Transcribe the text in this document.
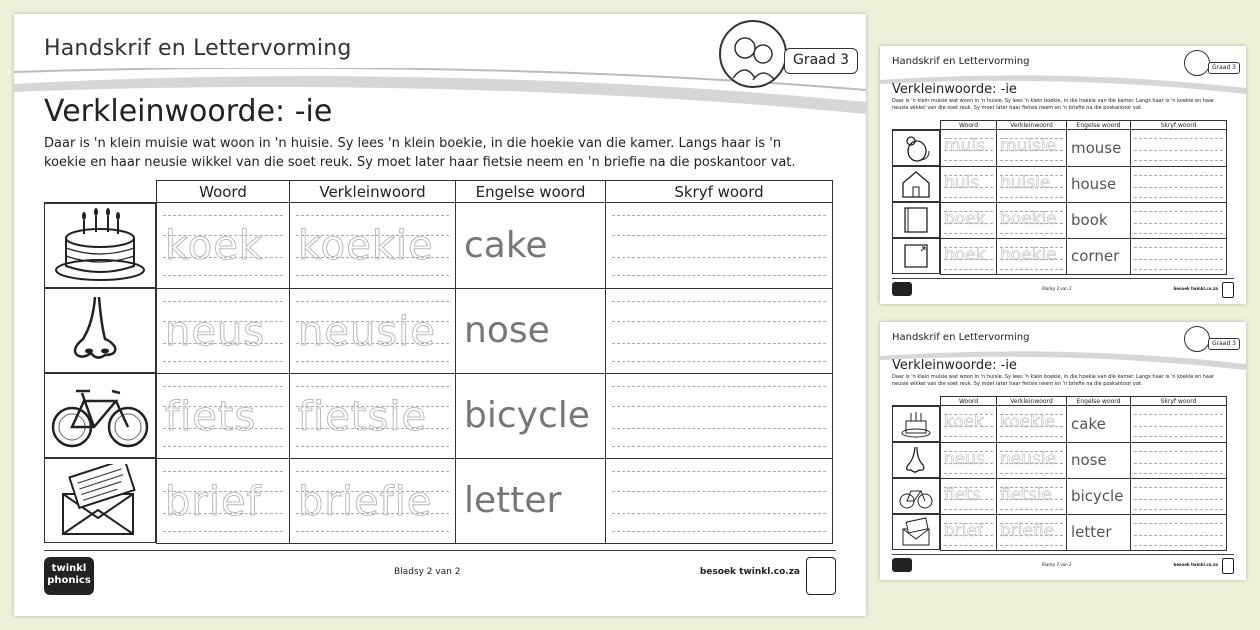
Handskrif en Lettervorming	Graad 3
Verkleinwoorde: -ie
Daar is 'n klein muisie wat woon in 'n huisie. Sy lees 'n klein boekie, in die hoekie van die kamer. Langs haar is 'n koekie en haar neusie wikkel van die soet reuk. Sy moet later haar fietsie neem en 'n briefie na die poskantoor vat.
	Woord	Verkleinwoord	Engelse woord	Skryf woord

koek	koekie	cake	

neus	neusie	nose	

fiets	fietsie	bicycle	

brief	briefie	letter	
twinkl phonics
Bladsy 2 van 2	besoek twinkl.co.za
Handskrif en Lettervorming
Graad 3
Verkleinwoorde: -ie
Daar is 'n klein muisie wat woon in 'n huisie. Sy lees 'n klein boekie, in die hoekie van die kamer. Langs haar is 'n koekie en haar neusie wikkel van die soet reuk. Sy moet later haar fietsie neem en 'n briefie na die poskantoor vat.
	Woord	Verkleinwoord	Engelse woord	Skryf woord

muis	muisie	mouse	

huis	huisie	house	

boek	boekie	book	

hoek	hoekie	corner	
Bladsy 2 van 2	besoek twinkl.co.za
Handskrif en Lettervorming
Graad 3
Verkleinwoorde: -ie
Daar is 'n klein muisie wat woon in 'n huisie. Sy lees 'n klein boekie, in die hoekie van die kamer. Langs haar is 'n koekie en haar neusie wikkel van die soet reuk. Sy moet later haar fietsie neem en 'n briefie na die poskantoor vat.
	Woord	Verkleinwoord	Engelse woord	Skryf woord

koek	koekie	cake	

neus	neusie	nose	

fiets	fietsie	bicycle	

brief	briefie	letter	
Bladsy 2 van 2	besoek twinkl.co.za
